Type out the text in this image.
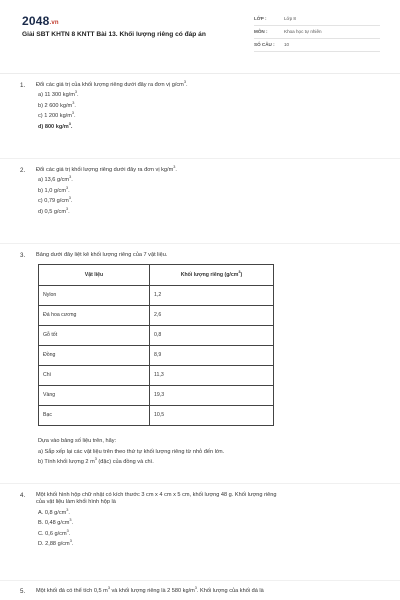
2048.vn
Giải SBT KHTN 8 KNTT Bài 13. Khối lượng riêng có đáp án
LỚP :	Lớp 8
MÔN :	Khoa học tự nhiên
SỐ CÂU :	10
1. Đổi các giá trị của khối lượng riêng dưới đây ra đơn vị $g/cm^3$.
a) 11 300 $kg/m^3$.
b) 2 600 $kg/m^3$.
c) 1 200 $kg/m^3$.
d) 800 $kg/m^3$.
2. Đổi các giá trị khối lượng riêng dưới đây ra đơn vị $kg/m^3$.
a) 13,6 $g/cm^3$.
b) 1,0 $g/cm^3$.
c) 0,79 $g/cm^3$.
d) 0,5 $g/cm^3$.
3. Bảng dưới đây liệt kê khối lượng riêng của 7 vật liệu.
Vật liệu	Khối lượng riêng $(g/cm^3)$
Nylon	1,2
Đá hoa cương	2,6
Gỗ tốt	0,8
Đồng	8,9
Chì	11,3
Vàng	19,3
Bạc	10,5
Dựa vào bảng số liệu trên, hãy:
a) Sắp xếp lại các vật liệu trên theo thứ tự khối lượng riêng từ nhỏ đến lớn.
b) Tính khối lượng 2 $m^3$ (đặc) của đồng và chì.
4. Một khối hình hộp chữ nhật có kích thước 3 cm x 4 cm x 5 cm, khối lượng 48 g. Khối lượng riêng
của vật liệu làm khối hình hộp là
A. 0,8 $g/cm^3$.
B. 0,48 $g/cm^3$.
C. 0,6 $g/cm^3$.
D. 2,88 $g/cm^3$.
5. Một khối đá có thể tích 0,5 $m^3$ và khối lượng riêng là 2 580 $kg/m^3$. Khối lượng của khối đá là
